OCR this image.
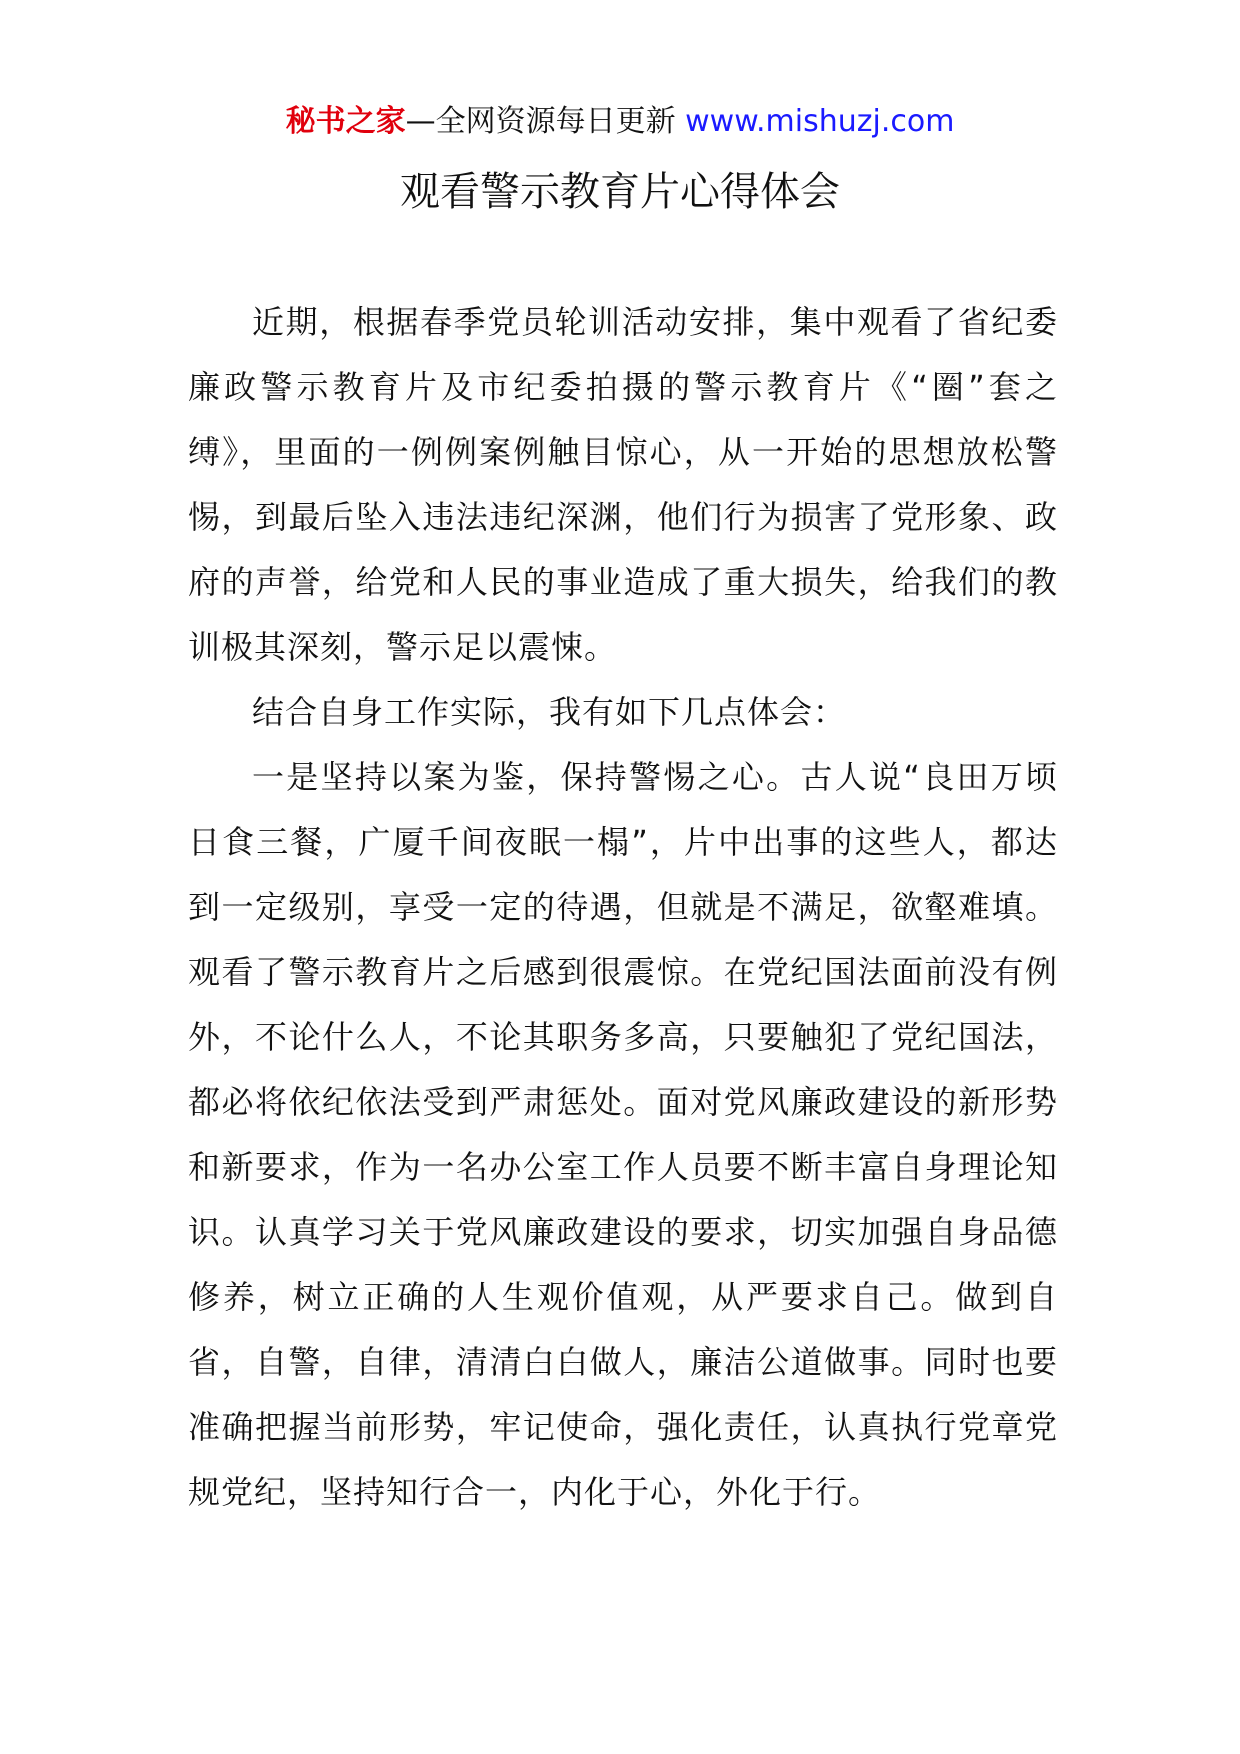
秘书之家—全网资源每日更新 www.mishuzj.com
观看警示教育片心得体会

近期，根据春季党员轮训活动安排，集中观看了省纪委廉政警示教育片及市纪委拍摄的警示教育片《“圈”套之缚》，里面的一例例案例触目惊心，从一开始的思想放松警惕，到最后坠入违法违纪深渊，他们行为损害了党形象、政府的声誉，给党和人民的事业造成了重大损失，给我们的教训极其深刻，警示足以震悚。

结合自身工作实际，我有如下几点体会：

一是坚持以案为鉴，保持警惕之心。古人说“良田万顷日食三餐，广厦千间夜眠一榻”，片中出事的这些人，都达到一定级别，享受一定的待遇，但就是不满足，欲壑难填。观看了警示教育片之后感到很震惊。在党纪国法面前没有例外，不论什么人，不论其职务多高，只要触犯了党纪国法，都必将依纪依法受到严肃惩处。面对党风廉政建设的新形势和新要求，作为一名办公室工作人员要不断丰富自身理论知识。认真学习关于党风廉政建设的要求，切实加强自身品德修养，树立正确的人生观价值观，从严要求自己。做到自省，自警，自律，清清白白做人，廉洁公道做事。同时也要准确把握当前形势，牢记使命，强化责任，认真执行党章党规党纪，坚持知行合一，内化于心，外化于行。
